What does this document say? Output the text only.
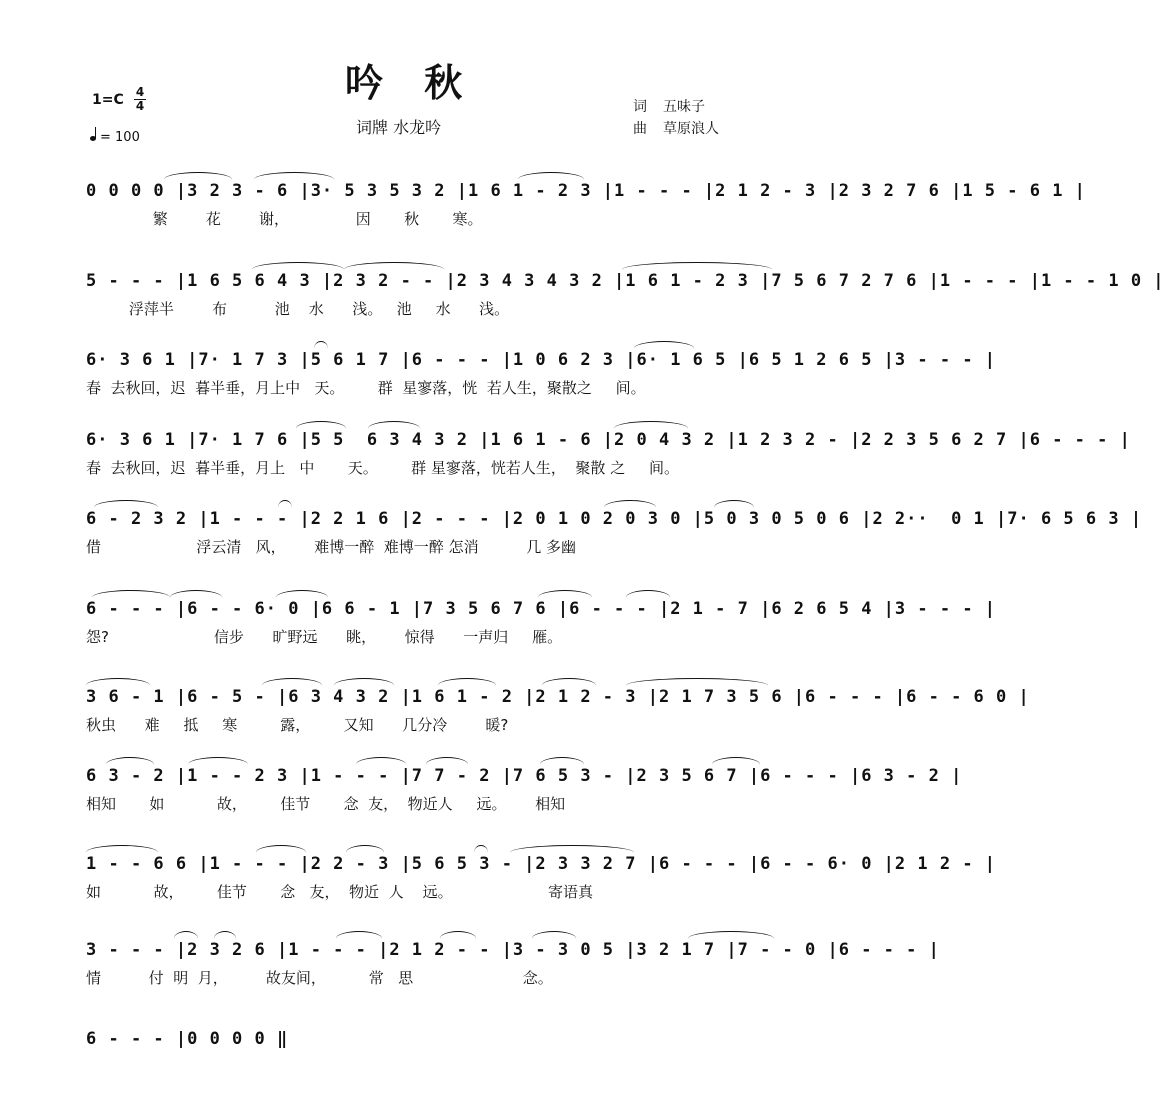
吟 秋
词牌 水龙吟
词 五味子
曲 草原浪人
1=C 4
4
= 100
0 0 0 0 |3 2 3 - 6 |3· 5 3 5 3 2 |1 6 1 - 2 3 |1 - - - |2 1 2 - 3 |2 3 2 7 6 |1 5 - 6 1 |
繁        花        谢，              因       秋       寒。
5 - - - |1 6 5 6 4 3 |2 3 2 - - |2 3 4 3 4 3 2 |1 6 1 - 2 3 |7 5 6 7 2 7 6 |1 - - - |1 - - 1 0 |
浮萍半        布          池    水      浅。   池     水      浅。
6· 3 6 1 |7· 1 7 3 |5 6 1 7 |6 - - - |1 0 6 2 3 |6· 1 6 5 |6 5 1 2 6 5 |3 - - - |
春  去秋回，迟  暮半垂，月上中   天。       群  星寥落，恍  若人生，聚散之     间。
6· 3 6 1 |7· 1 7 6 |5 5  6 3 4 3 2 |1 6 1 - 6 |2 0 4 3 2 |1 2 3 2 - |2 2 3 5 6 2 7 |6 - - - |
春  去秋回，迟  暮半垂，月上   中       天。       群 星寥落，恍若人生，  聚散 之     间。
6 - 2 3 2 |1 - - - |2 2 1 6 |2 - - - |2 0 1 0 2 0 3 0 |5 0 3 0 5 0 6 |2 2··  0 1 |7· 6 5 6 3 |
借                    浮云清   风，      难博一醉  难博一醉 怎消          几 多幽
6 - - - |6 - - 6· 0 |6 6 - 1 |7 3 5 6 7 6 |6 - - - |2 1 - 7 |6 2 6 5 4 |3 - - - |
怨?                      信步      旷野远      眺，      惊得      一声归     雁。
3 6 - 1 |6 - 5 - |6 3 4 3 2 |1 6 1 - 2 |2 1 2 - 3 |2 1 7 3 5 6 |6 - - - |6 - - 6 0 |
秋虫      难     抵     寒         露，       又知      几分冷        暖?
6 3 - 2 |1 - - 2 3 |1 - - - |7 7 - 2 |7 6 5 3 - |2 3 5 6 7 |6 - - - |6 3 - 2 |
相知       如           故，       佳节       念  友，  物近人     远。      相知
1 - - 6 6 |1 - - - |2 2 - 3 |5 6 5 3 - |2 3 3 2 7 |6 - - - |6 - - 6· 0 |2 1 2 - |
如           故，       佳节       念   友，  物近  人    远。                    寄语真
3 - - - |2 3 2 6 |1 - - - |2 1 2 - - |3 - 3 0 5 |3 2 1 7 |7 - - 0 |6 - - - |
情          付  明  月，        故友间，         常   思                       念。
6 - - - |0 0 0 0 ‖
